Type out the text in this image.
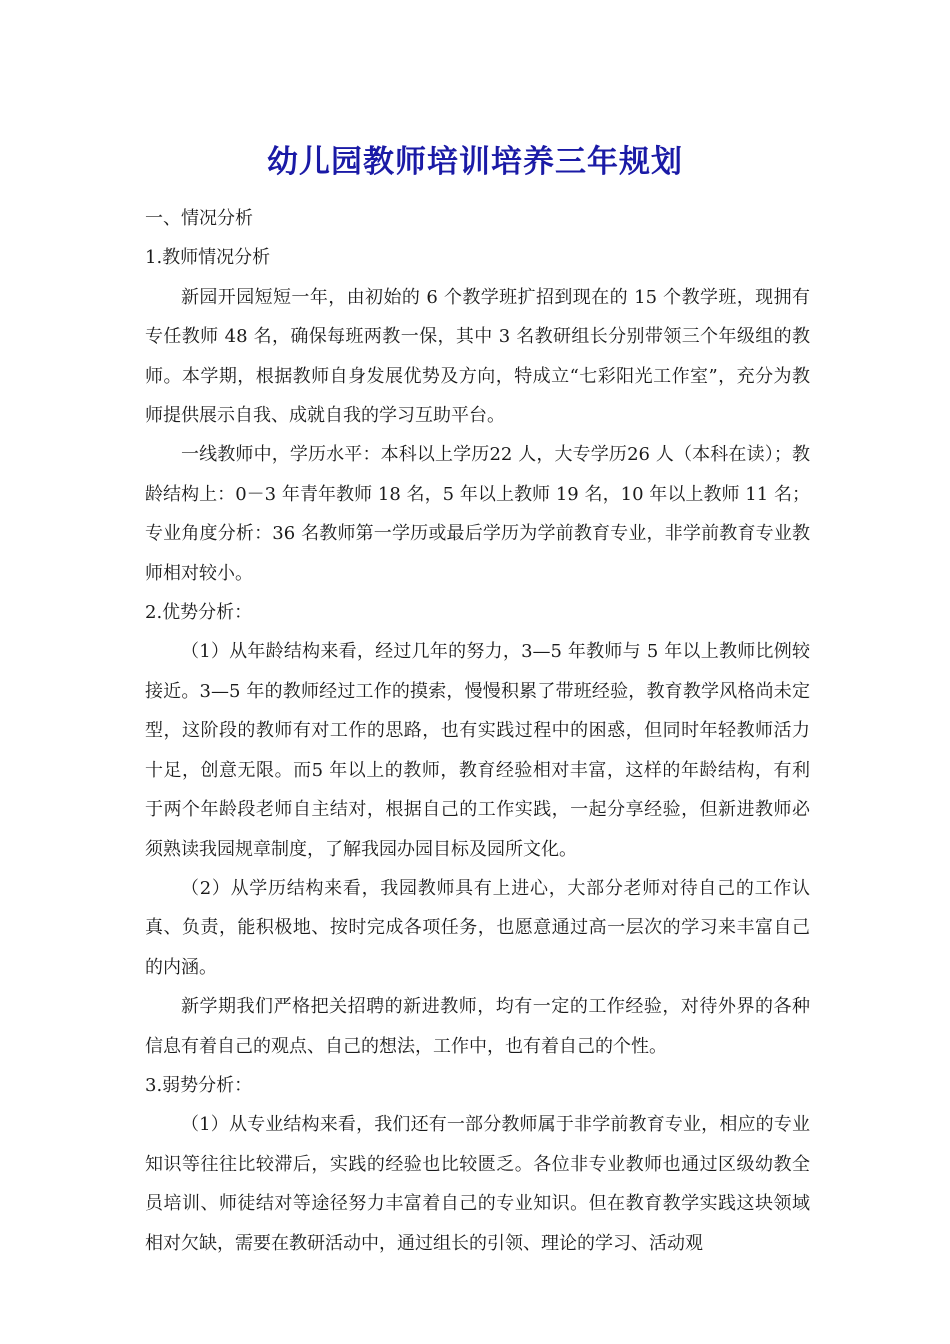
幼儿园教师培训培养三年规划

一、情况分析

1.教师情况分析

新园开园短短一年，由初始的 6 个教学班扩招到现在的 15 个教学班，现拥有专任教师 48 名，确保每班两教一保，其中 3 名教研组长分别带领三个年级组的教师。本学期，根据教师自身发展优势及方向，特成立“七彩阳光工作室”，充分为教师提供展示自我、成就自我的学习互助平台。

一线教师中，学历水平：本科以上学历22 人，大专学历26 人（本科在读）；教龄结构上：0－3 年青年教师 18 名，5 年以上教师 19 名，10 年以上教师 11 名；专业角度分析：36 名教师第一学历或最后学历为学前教育专业，非学前教育专业教师相对较小。

2.优势分析：

（1）从年龄结构来看，经过几年的努力，3—5 年教师与 5 年以上教师比例较接近。3—5 年的教师经过工作的摸索，慢慢积累了带班经验，教育教学风格尚未定型，这阶段的教师有对工作的思路，也有实践过程中的困惑，但同时年轻教师活力十足，创意无限。而5 年以上的教师，教育经验相对丰富，这样的年龄结构，有利于两个年龄段老师自主结对，根据自己的工作实践，一起分享经验，但新进教师必须熟读我园规章制度，了解我园办园目标及园所文化。

（2）从学历结构来看，我园教师具有上进心，大部分老师对待自己的工作认真、负责，能积极地、按时完成各项任务，也愿意通过高一层次的学习来丰富自己的内涵。

新学期我们严格把关招聘的新进教师，均有一定的工作经验，对待外界的各种信息有着自己的观点、自己的想法，工作中，也有着自己的个性。

3.弱势分析：

（1）从专业结构来看，我们还有一部分教师属于非学前教育专业，相应的专业知识等往往比较滞后，实践的经验也比较匮乏。各位非专业教师也通过区级幼教全员培训、师徒结对等途径努力丰富着自己的专业知识。但在教育教学实践这块领域相对欠缺，需要在教研活动中，通过组长的引领、理论的学习、活动观
